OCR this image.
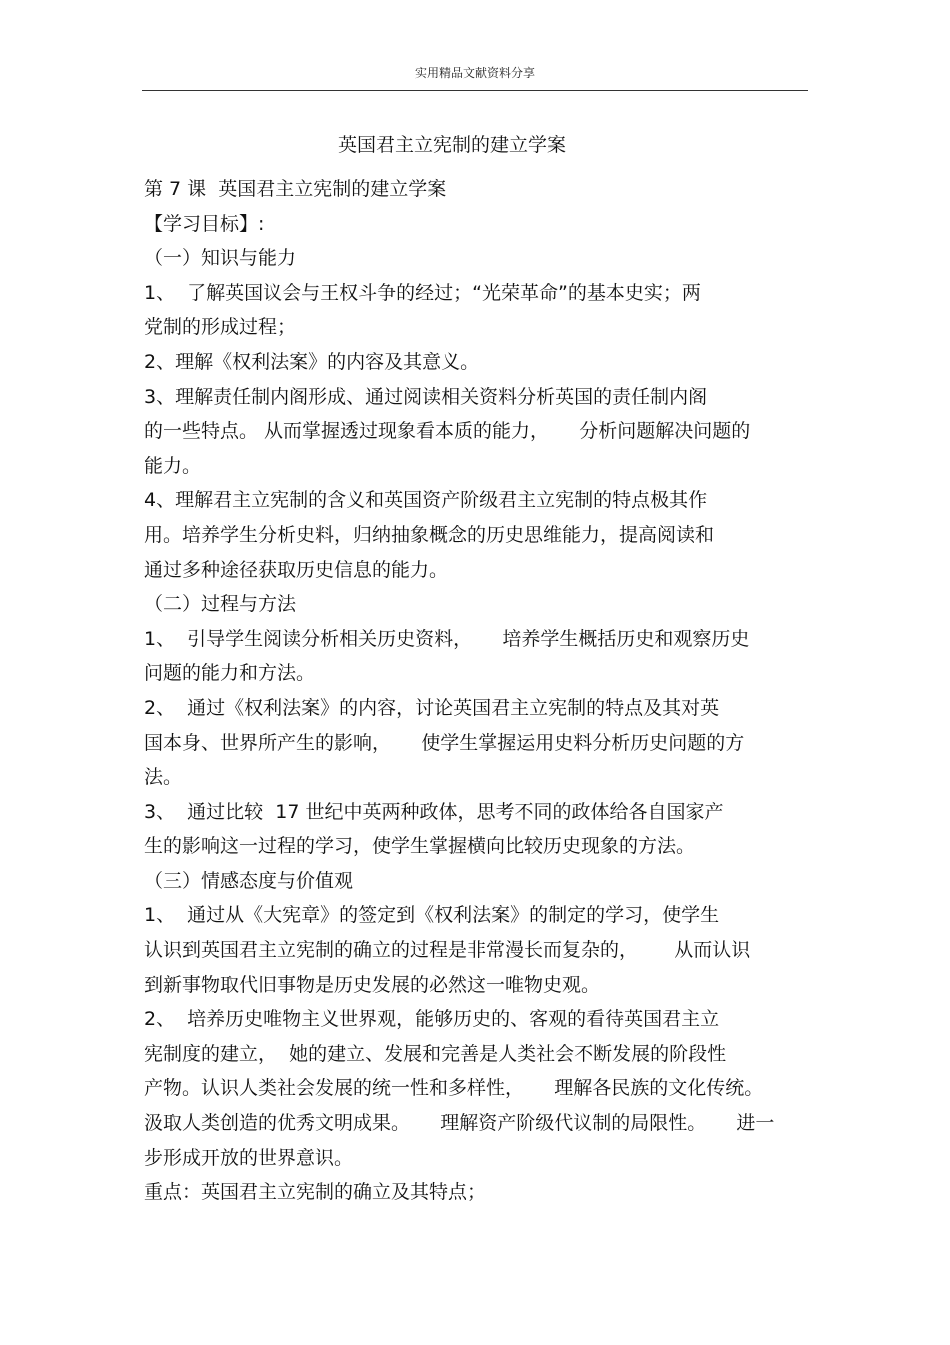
实用精品文献资料分享
英国君主立宪制的建立学案
第 7 课  英国君主立宪制的建立学案
【学习目标】:
（一）知识与能力
1、  了解英国议会与王权斗争的经过；“光荣革命”的基本史实；两
党制的形成过程；
2、理解《权利法案》的内容及其意义。
3、理解责任制内阁形成、通过阅读相关资料分析英国的责任制内阁
的一些特点。 从而掌握透过现象看本质的能力，     分析问题解决问题的
能力。
4、理解君主立宪制的含义和英国资产阶级君主立宪制的特点极其作
用。培养学生分析史料，归纳抽象概念的历史思维能力，提高阅读和
通过多种途径获取历史信息的能力。
（二）过程与方法
1、  引导学生阅读分析相关历史资料，     培养学生概括历史和观察历史
问题的能力和方法。
2、  通过《权利法案》的内容，讨论英国君主立宪制的特点及其对英
国本身、世界所产生的影响，     使学生掌握运用史料分析历史问题的方
法。
3、  通过比较  17 世纪中英两种政体，思考不同的政体给各自国家产
生的影响这一过程的学习，使学生掌握横向比较历史现象的方法。
（三）情感态度与价值观
1、  通过从《大宪章》的签定到《权利法案》的制定的学习，使学生
认识到英国君主立宪制的确立的过程是非常漫长而复杂的，      从而认识
到新事物取代旧事物是历史发展的必然这一唯物史观。
2、  培养历史唯物主义世界观，能够历史的、客观的看待英国君主立
宪制度的建立，  她的建立、发展和完善是人类社会不断发展的阶段性
产物。认识人类社会发展的统一性和多样性，     理解各民族的文化传统。
汲取人类创造的优秀文明成果。     理解资产阶级代议制的局限性。     进一
步形成开放的世界意识。
重点：英国君主立宪制的确立及其特点；
